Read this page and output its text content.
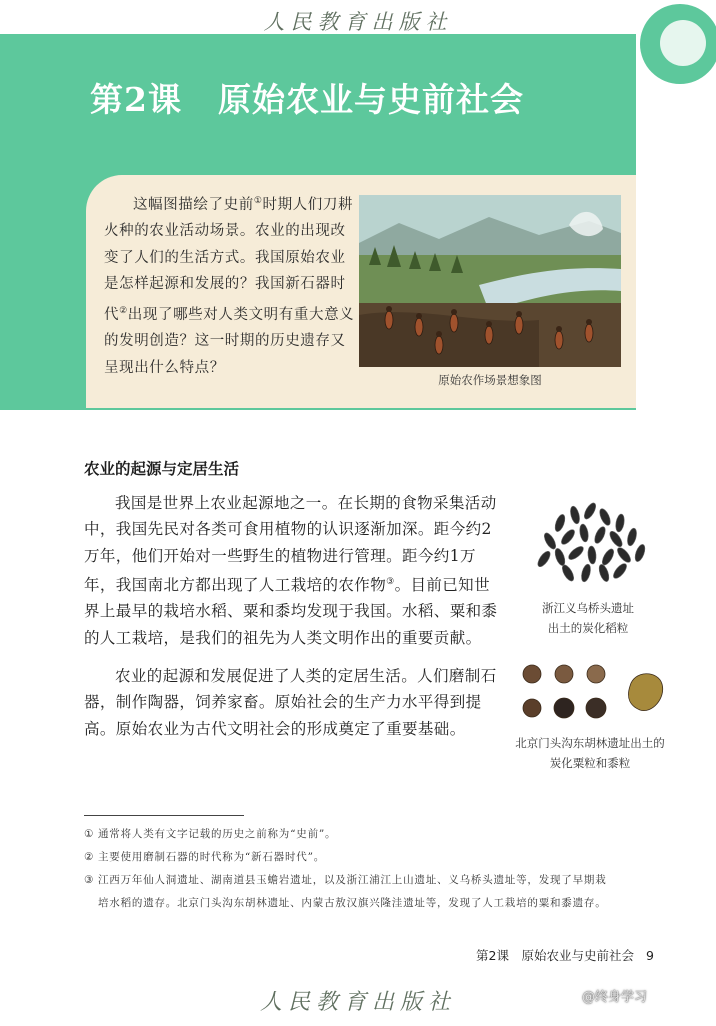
人民教育出版社
第2课 原始农业与史前社会
这幅图描绘了史前①时期人们刀耕火种的农业活动场景。农业的出现改变了人们的生活方式。我国原始农业是怎样起源和发展的？我国新石器时代②出现了哪些对人类文明有重大意义的发明创造？这一时期的历史遗存又呈现出什么特点？
原始农作场景想象图
农业的起源与定居生活

我国是世界上农业起源地之一。在长期的食物采集活动中，我国先民对各类可食用植物的认识逐渐加深。距今约2万年，他们开始对一些野生的植物进行管理。距今约1万年，我国南北方都出现了人工栽培的农作物③。目前已知世界上最早的栽培水稻、粟和黍均发现于我国。水稻、粟和黍的人工栽培，是我们的祖先为人类文明作出的重要贡献。

农业的起源和发展促进了人类的定居生活。人们磨制石器，制作陶器，饲养家畜。原始社会的生产力水平得到提高。原始农业为古代文明社会的形成奠定了重要基础。

浙江义乌桥头遗址
出土的炭化稻粒
北京门头沟东胡林遗址出土的
炭化粟粒和黍粒
① 通常将人类有文字记载的历史之前称为“史前”。
② 主要使用磨制石器的时代称为“新石器时代”。
③ 江西万年仙人洞遗址、湖南道县玉蟾岩遗址，以及浙江浦江上山遗址、义乌桥头遗址等，发现了早期栽
培水稻的遗存。北京门头沟东胡林遗址、内蒙古敖汉旗兴隆洼遗址等，发现了人工栽培的粟和黍遗存。
第2课　原始农业与史前社会 9
人民教育出版社	@终身学习
